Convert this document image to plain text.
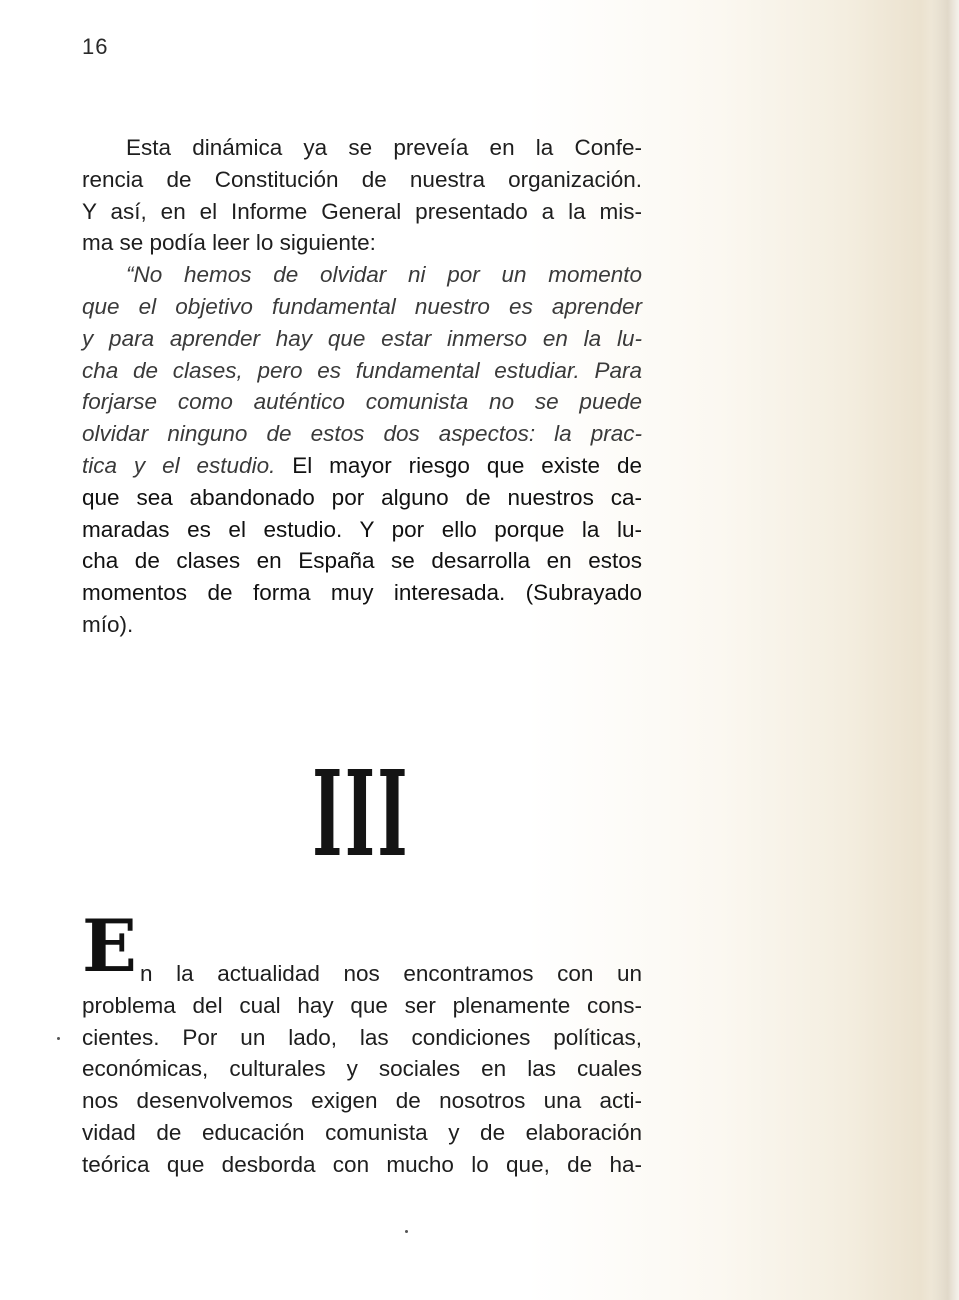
16
Esta dinámica ya se preveía en la Confe-
rencia de Constitución de nuestra organización.
Y así, en el Informe General presentado a la mis-
ma se podía leer lo siguiente:
“No hemos de olvidar ni por un momento
que el objetivo fundamental nuestro es aprender
y para aprender hay que estar inmerso en la lu-
cha de clases, pero es fundamental estudiar. Para
forjarse como auténtico comunista no se puede
olvidar ninguno de estos dos aspectos: la prac-
tica y el estudio. El mayor riesgo que existe de
que sea abandonado por alguno de nuestros ca-
maradas es el estudio. Y por ello porque la lu-
cha de clases en España se desarrolla en estos
momentos de forma muy interesada. (Subrayado
mío).
III
E n la actualidad nos encontramos con un
problema del cual hay que ser plenamente cons-
cientes. Por un lado, las condiciones políticas,
económicas, culturales y sociales en las cuales
nos desenvolvemos exigen de nosotros una acti-
vidad de educación comunista y de elaboración
teórica que desborda con mucho lo que, de ha-
